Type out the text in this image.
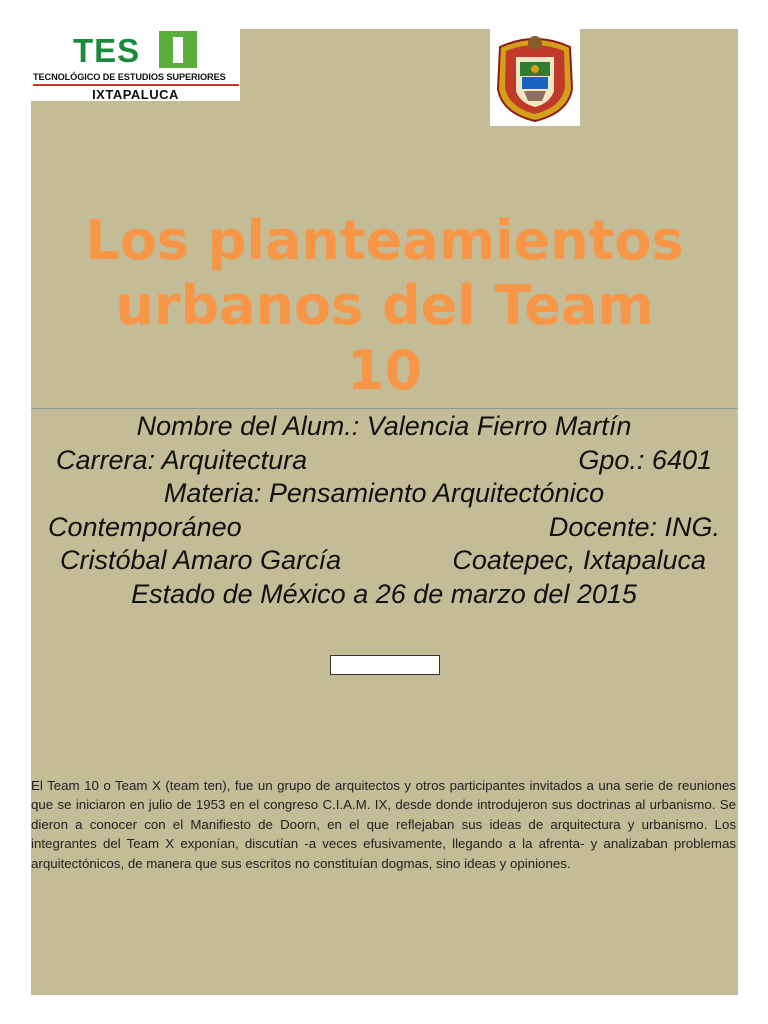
TES
TECNOLÓGICO DE ESTUDIOS SUPERIORES
IXTAPALUCA
Los planteamientos
urbanos del Team
10
Nombre del Alum.: Valencia Fierro Martín
Carrera: Arquitectura	Gpo.: 6401
Materia: Pensamiento Arquitectónico
Contemporáneo	Docente: ING.
Cristóbal Amaro García	Coatepec, Ixtapaluca
Estado de México a 26 de marzo del 2015

El Team 10 o Team X (team ten), fue un grupo de arquitectos y otros participantes invitados a una serie de reuniones que se iniciaron en julio de 1953 en el congreso C.I.A.M. IX, desde donde introdujeron sus doctrinas al urbanismo. Se dieron a conocer con el Manifiesto de Doorn, en el que reflejaban sus ideas de arquitectura y urbanismo. Los integrantes del Team X exponían, discutían -a veces efusivamente, llegando a la afrenta- y analizaban problemas arquitectónicos, de manera que sus escritos no constituían dogmas, sino ideas y opiniones.
